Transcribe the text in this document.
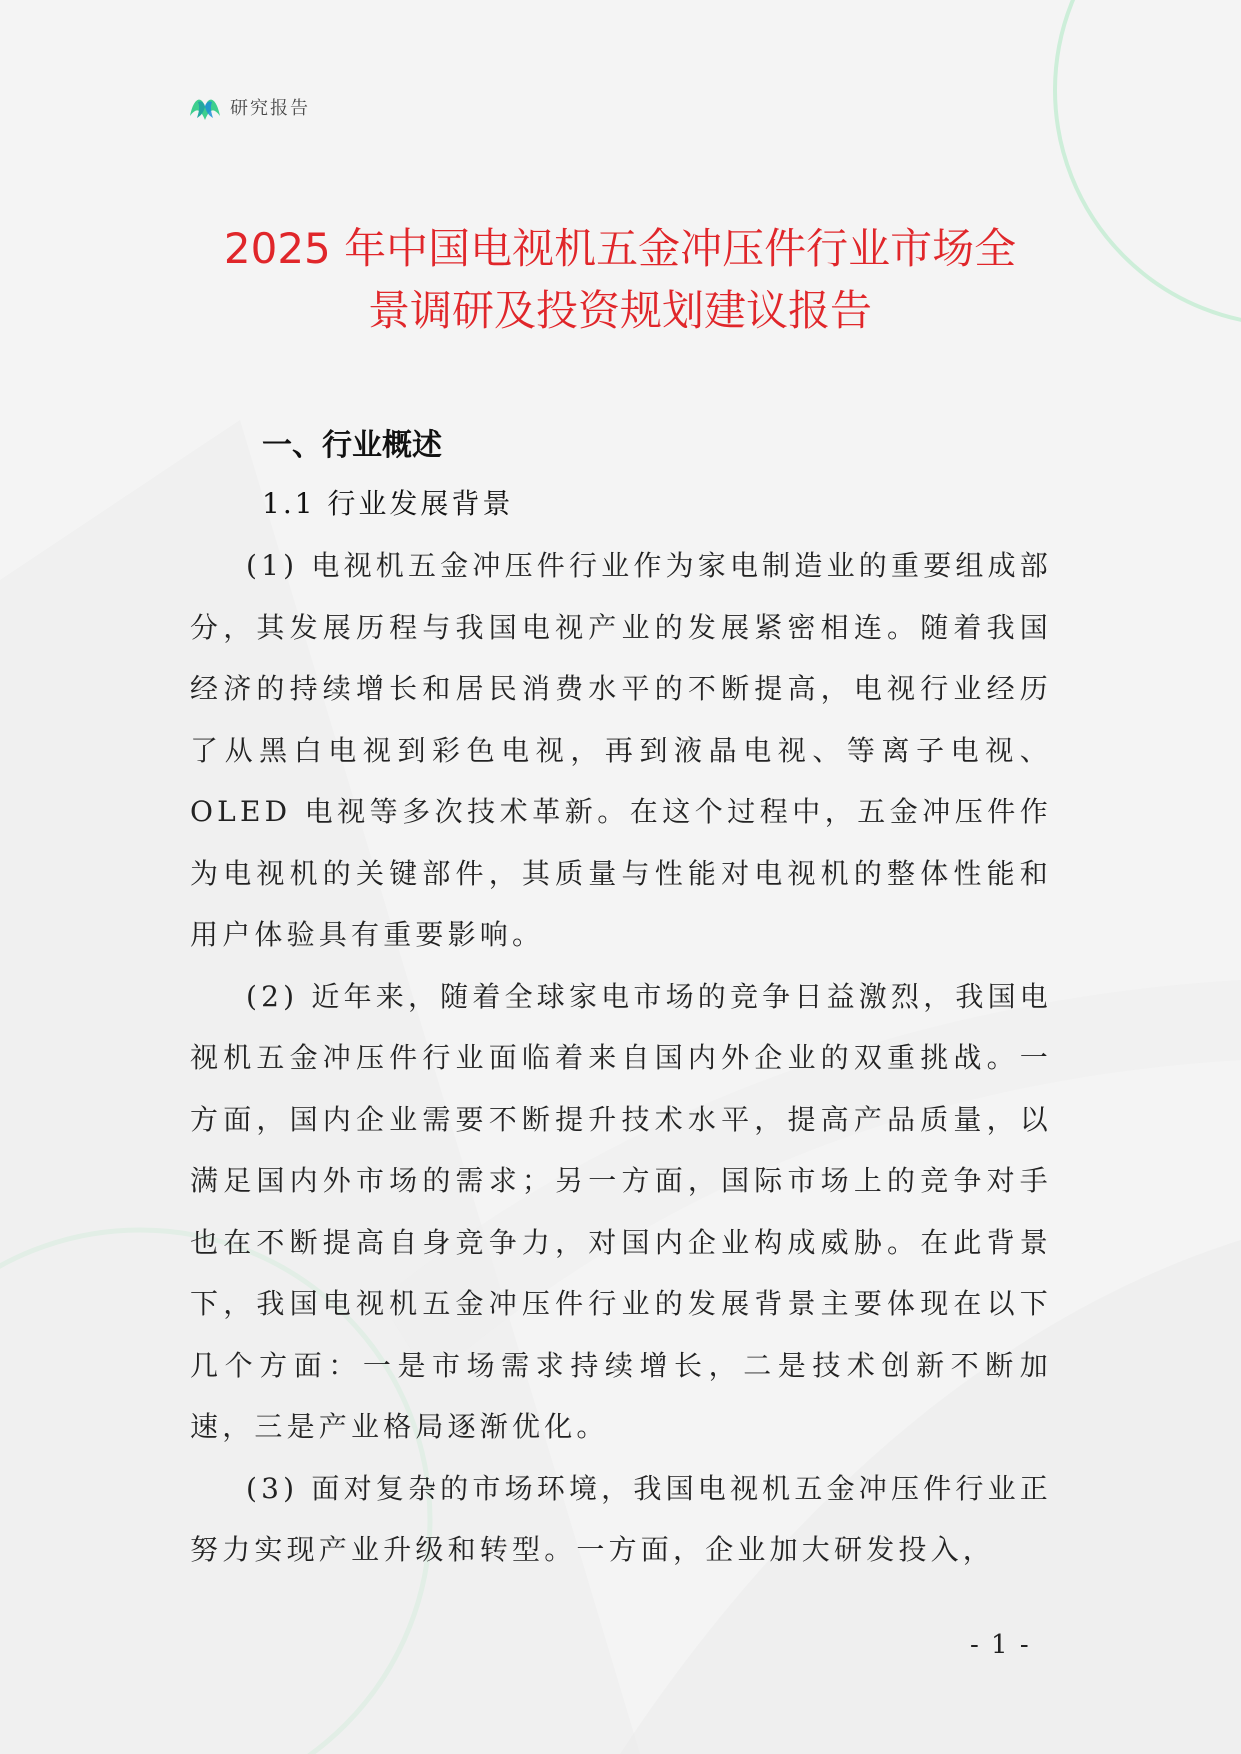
研究报告
2025 年中国电视机五金冲压件行业市场全
景调研及投资规划建议报告
一、行业概述
1.1 行业发展背景

(1) 电视机五金冲压件行业作为家电制造业的重要组成部分，其发展历程与我国电视产业的发展紧密相连。随着我国经济的持续增长和居民消费水平的不断提高，电视行业经历了从黑白电视到彩色电视，再到液晶电视、等离子电视、OLED 电视等多次技术革新。在这个过程中，五金冲压件作为电视机的关键部件，其质量与性能对电视机的整体性能和用户体验具有重要影响。

(2) 近年来，随着全球家电市场的竞争日益激烈，我国电视机五金冲压件行业面临着来自国内外企业的双重挑战。一方面，国内企业需要不断提升技术水平，提高产品质量，以满足国内外市场的需求；另一方面，国际市场上的竞争对手也在不断提高自身竞争力，对国内企业构成威胁。在此背景下，我国电视机五金冲压件行业的发展背景主要体现在以下几个方面：一是市场需求持续增长，二是技术创新不断加速，三是产业格局逐渐优化。

(3) 面对复杂的市场环境，我国电视机五金冲压件行业正努力实现产业升级和转型。一方面，企业加大研发投入，

- 1 -
